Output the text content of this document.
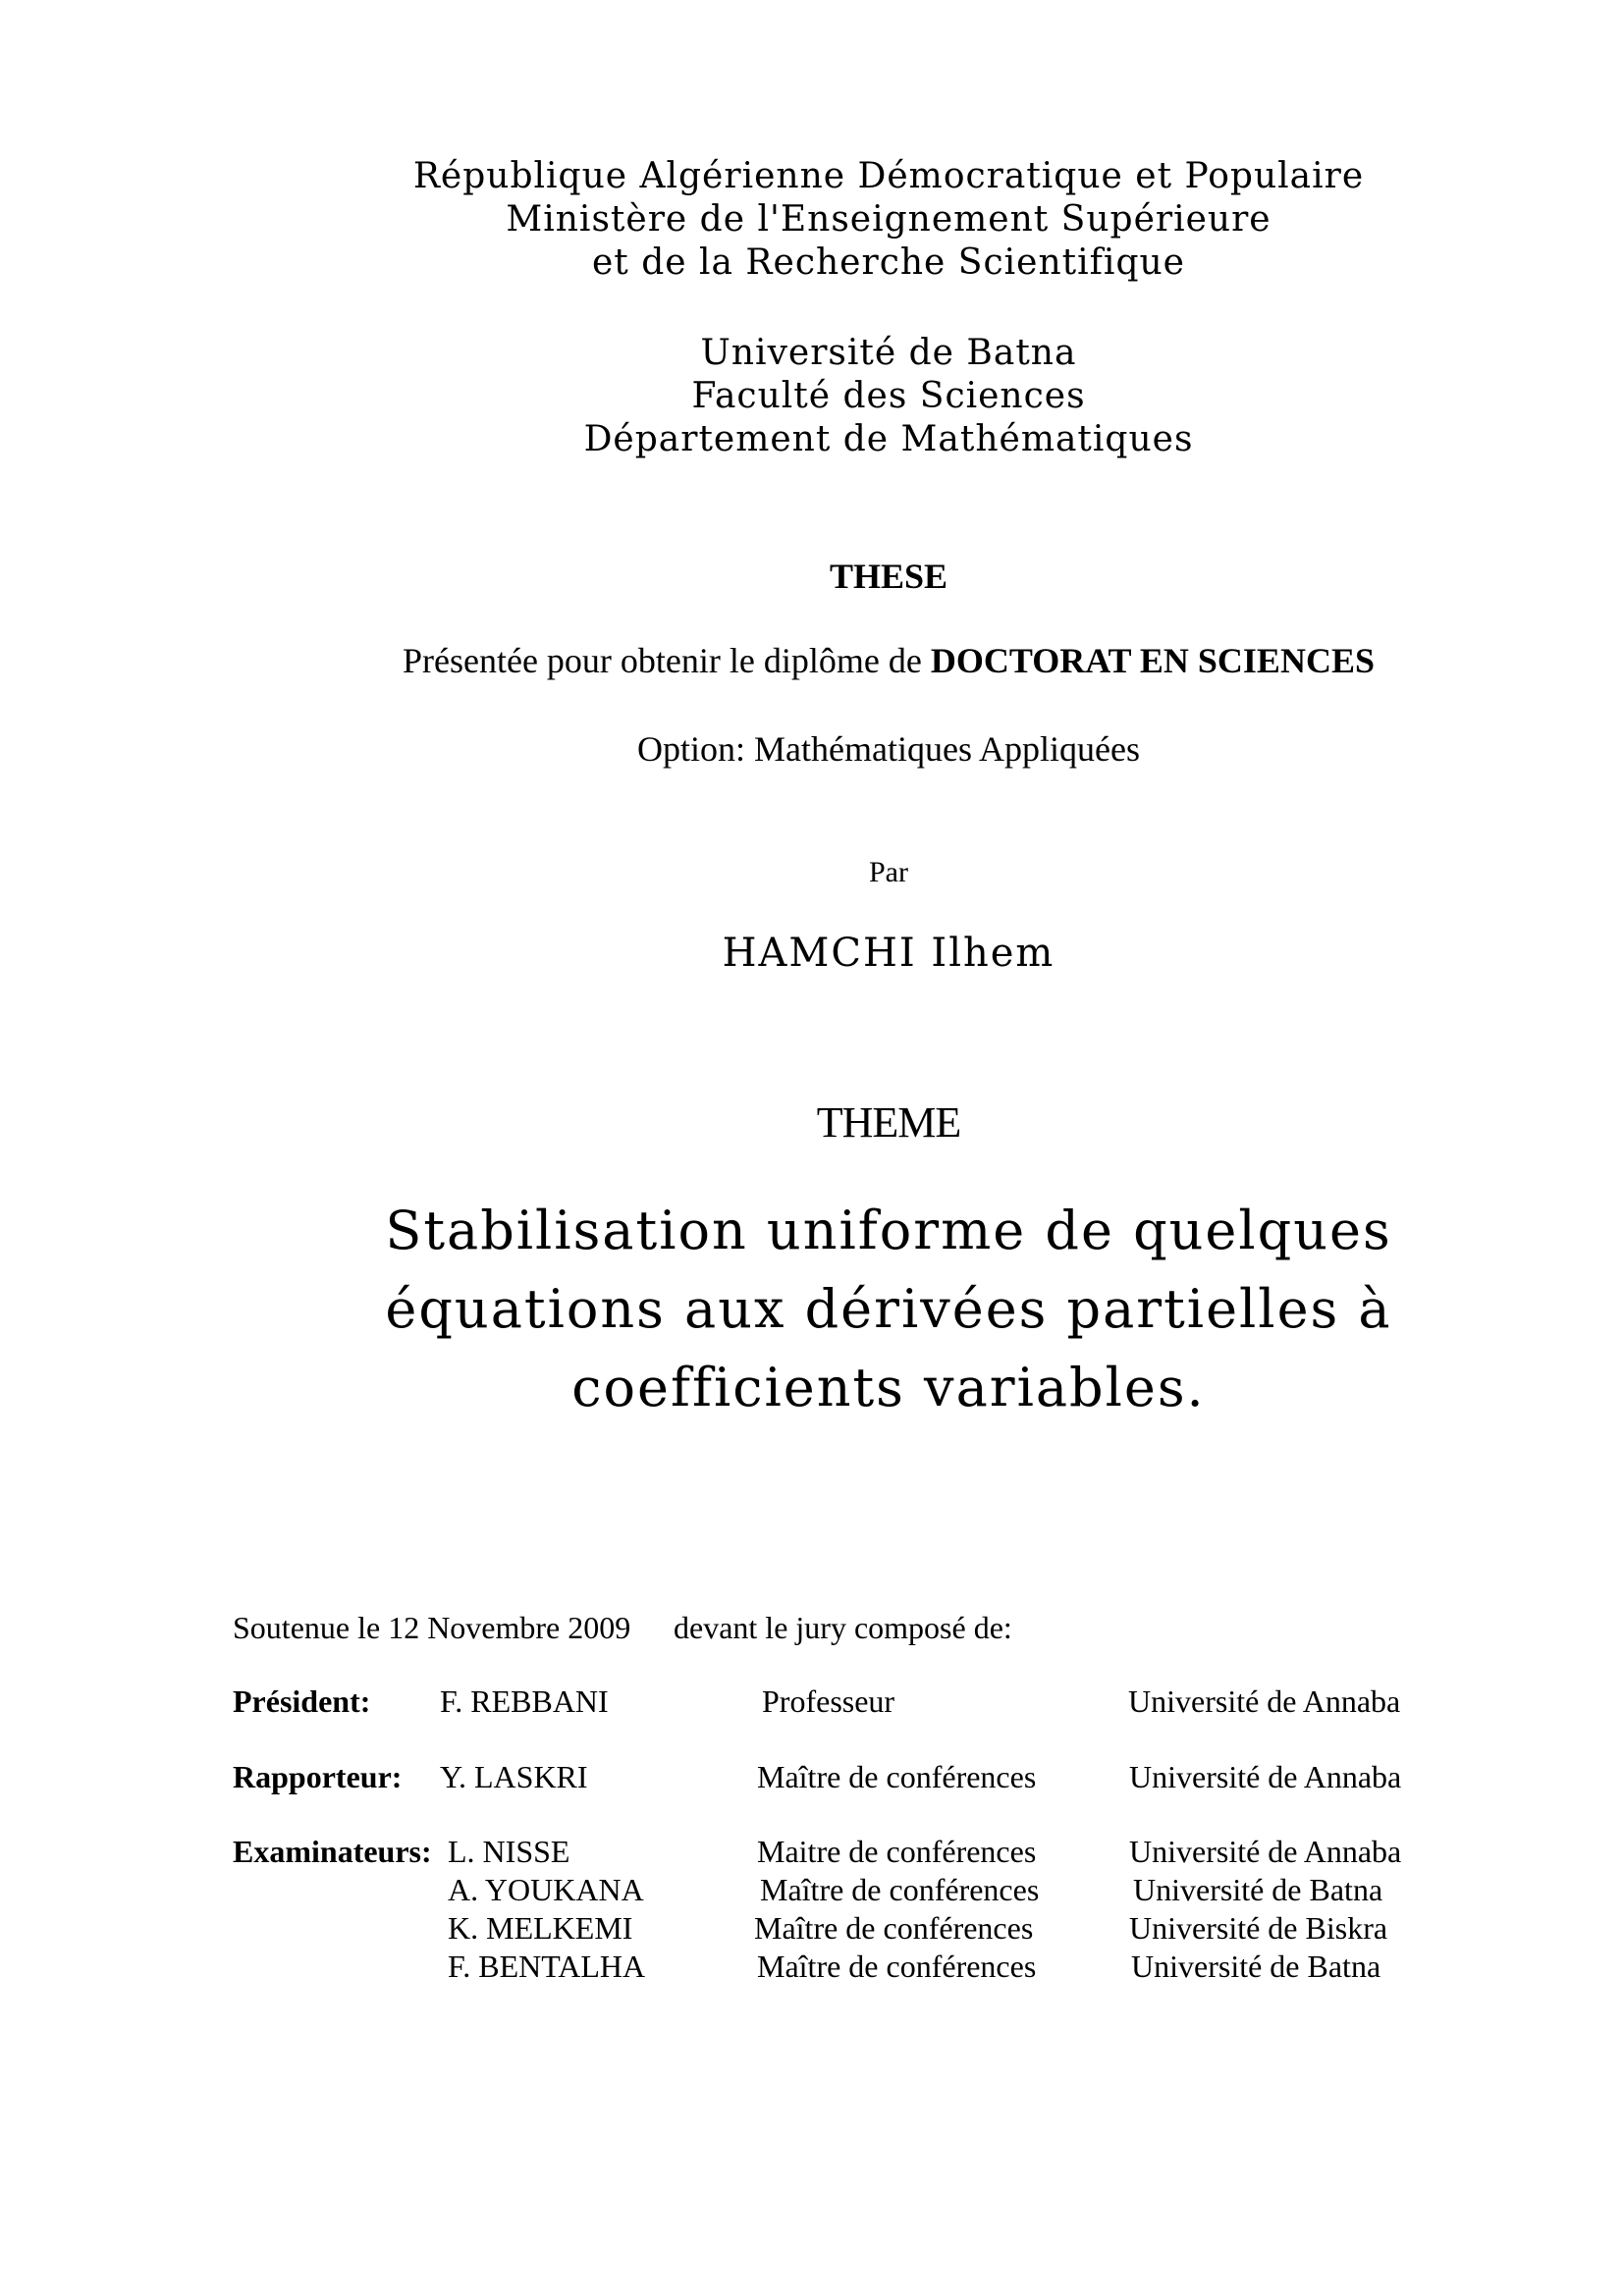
République Algérienne Démocratique et Populaire
Ministère de l'Enseignement Supérieure
et de la Recherche Scientifique
Université de Batna
Faculté des Sciences
Département de Mathématiques
THESE
Présentée pour obtenir le diplôme de DOCTORAT EN SCIENCES
Option: Mathématiques Appliquées
Par
HAMCHI Ilhem
THEME
Stabilisation uniforme de quelques
équations aux dérivées partielles à
coefficients variables.
Soutenue le 12 Novembre 2009 devant le jury composé de:
Président: F. REBBANI	Professeur	Université de Annaba
Rapporteur: Y. LASKRI	Maître de conférences	Université de Annaba
Examinateurs: L. NISSE	Maitre de conférences	Université de Annaba
A. YOUKANA	Maître de conférences	Université de Batna
K. MELKEMI	Maître de conférences	Université de Biskra
F. BENTALHA	Maître de conférences	Université de Batna
